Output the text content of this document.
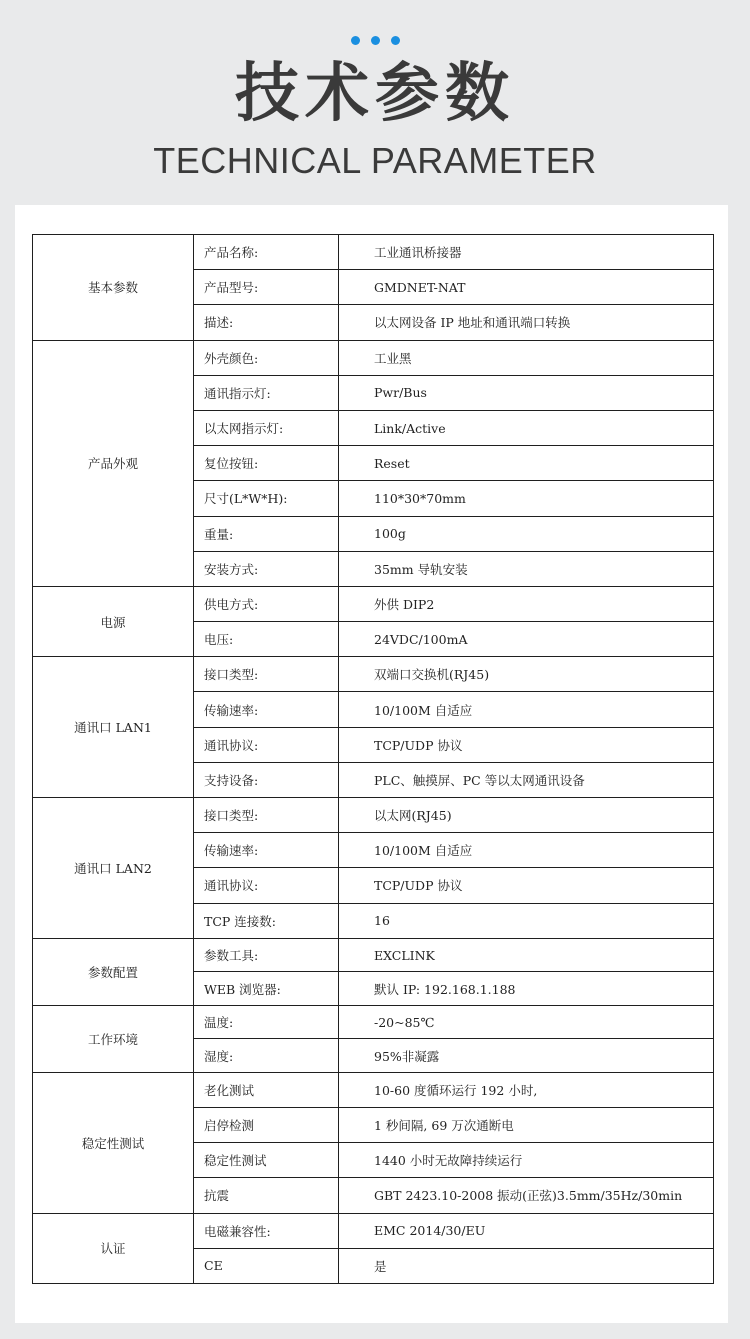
技术参数
TECHNICAL PARAMETER
基本参数	产品名称:	工业通讯桥接器
	产品型号:	GMDNET-NAT
	描述:	以太网设备 IP 地址和通讯端口转换
产品外观	外壳颜色:	工业黑
	通讯指示灯:	Pwr/Bus
	以太网指示灯:	Link/Active
	复位按钮:	Reset
	尺寸(L*W*H):	110*30*70mm
	重量:	100g
	安装方式:	35mm 导轨安装
电源	供电方式:	外供 DIP2
	电压:	24VDC/100mA
通讯口 LAN1	接口类型:	双端口交换机(RJ45)
	传输速率:	10/100M 自适应
	通讯协议:	TCP/UDP 协议
	支持设备:	PLC、触摸屏、PC 等以太网通讯设备
通讯口 LAN2	接口类型:	以太网(RJ45)
	传输速率:	10/100M 自适应
	通讯协议:	TCP/UDP 协议
	TCP 连接数:	16
参数配置	参数工具:	EXCLINK
	WEB 浏览器:	默认 IP: 192.168.1.188
工作环境	温度:	-20~85℃
	湿度:	95%非凝露
稳定性测试	老化测试	10-60 度循环运行 192 小时,
	启停检测	1 秒间隔, 69 万次通断电
	稳定性测试	1440 小时无故障持续运行
	抗震	GBT 2423.10-2008 振动(正弦)3.5mm/35Hz/30min
认证	电磁兼容性:	EMC 2014/30/EU
	CE	是
